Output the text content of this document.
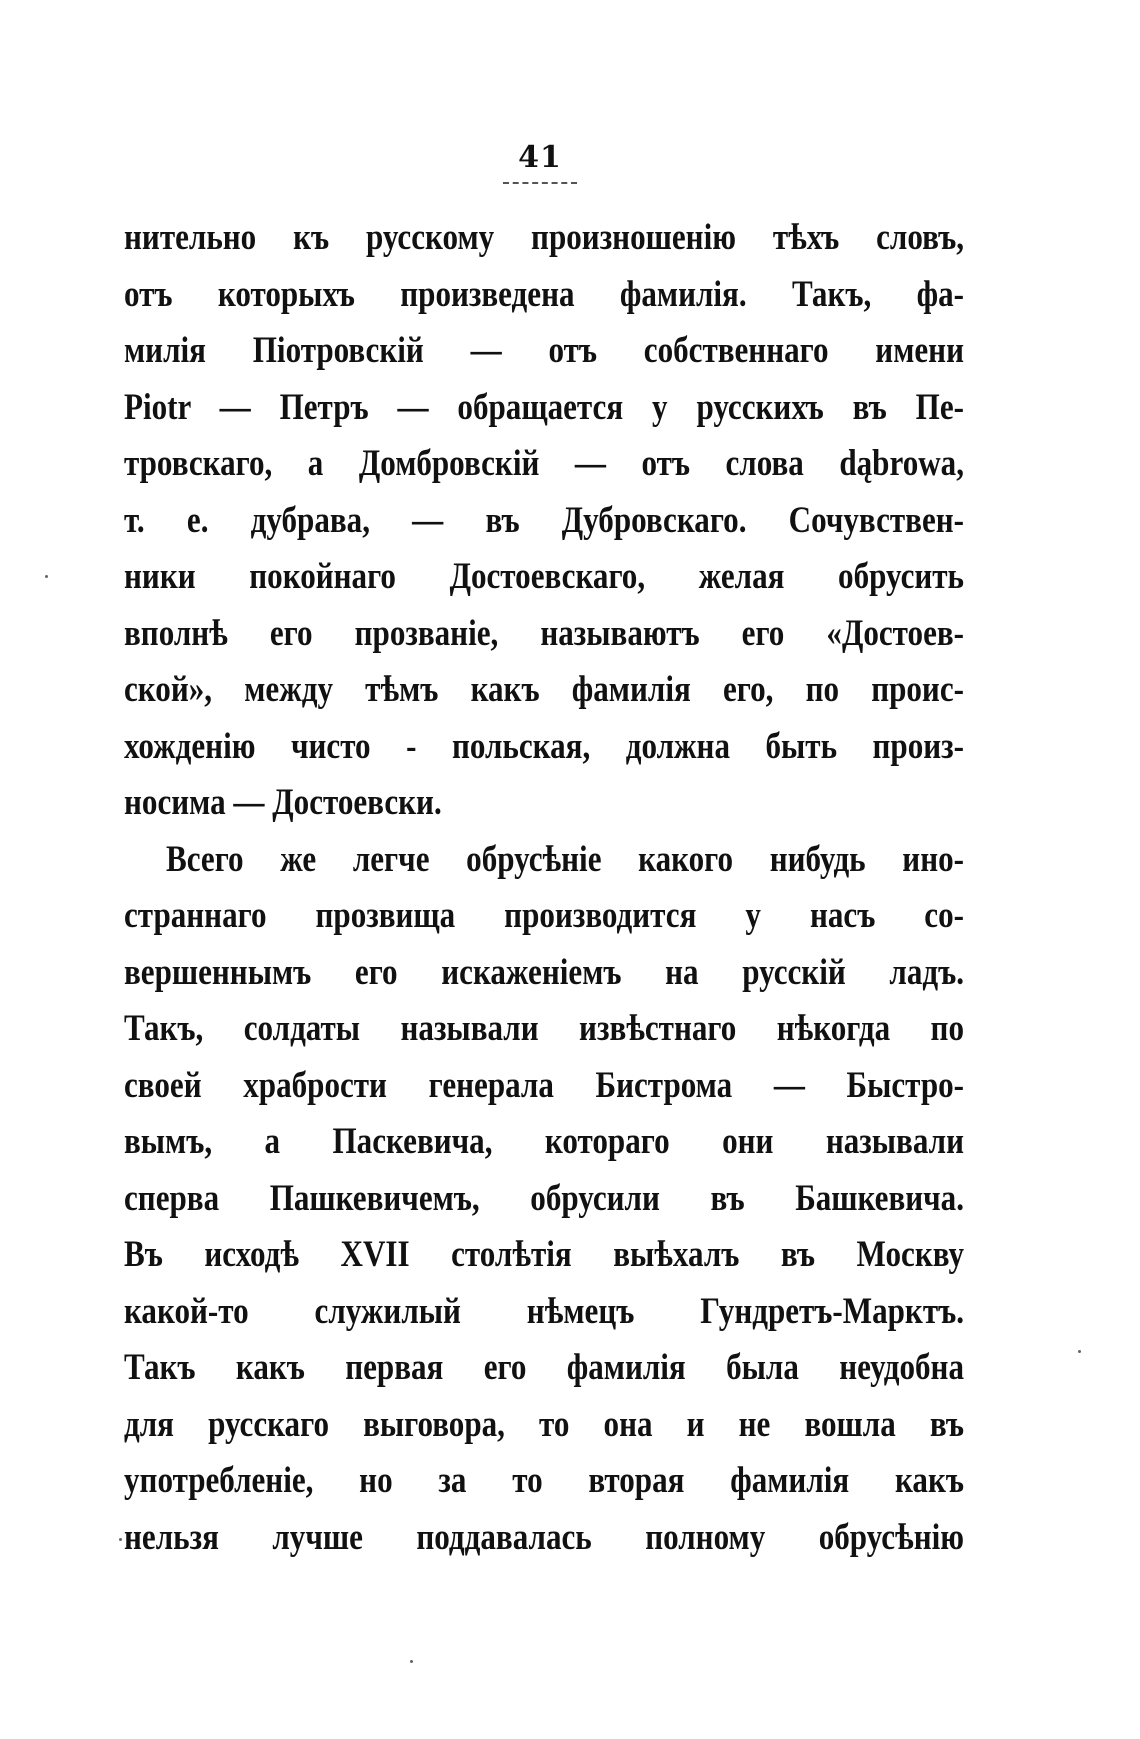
41
нительно къ русскому произношенію тѣхъ словъ,
отъ которыхъ произведена фамилія. Такъ, фа-
милія Піотровскій — отъ собственнаго имени
Piotr — Петръ — обращается у русскихъ въ Пе-
тровскаго, а Домбровскій — отъ слова dąbrowa,
т. е. дубрава, — въ Дубровскаго. Сочувствен-
ники покойнаго Достоевскаго, желая обрусить
вполнѣ его прозваніе, называютъ его «Достоев-
ской», между тѣмъ какъ фамилія его, по проис-
хожденію чисто - польская, должна быть произ-
носима — Достоевски.
Всего же легче обрусѣніе какого нибудь ино-
страннаго прозвища производится у насъ со-
вершеннымъ его искаженіемъ на русскій ладъ.
Такъ, солдаты называли извѣстнаго нѣкогда по
своей храбрости генерала Бистрома — Быстро-
вымъ, а Паскевича, котораго они называли
сперва Пашкевичемъ, обрусили въ Башкевича.
Въ исходѣ XVII столѣтія выѣхалъ въ Москву
какой-то служилый нѣмецъ Гундретъ-Марктъ.
Такъ какъ первая его фамилія была неудобна
для русскаго выговора, то она и не вошла въ
употребленіе, но за то вторая фамилія какъ
нельзя лучше поддавалась полному обрусѣнію
